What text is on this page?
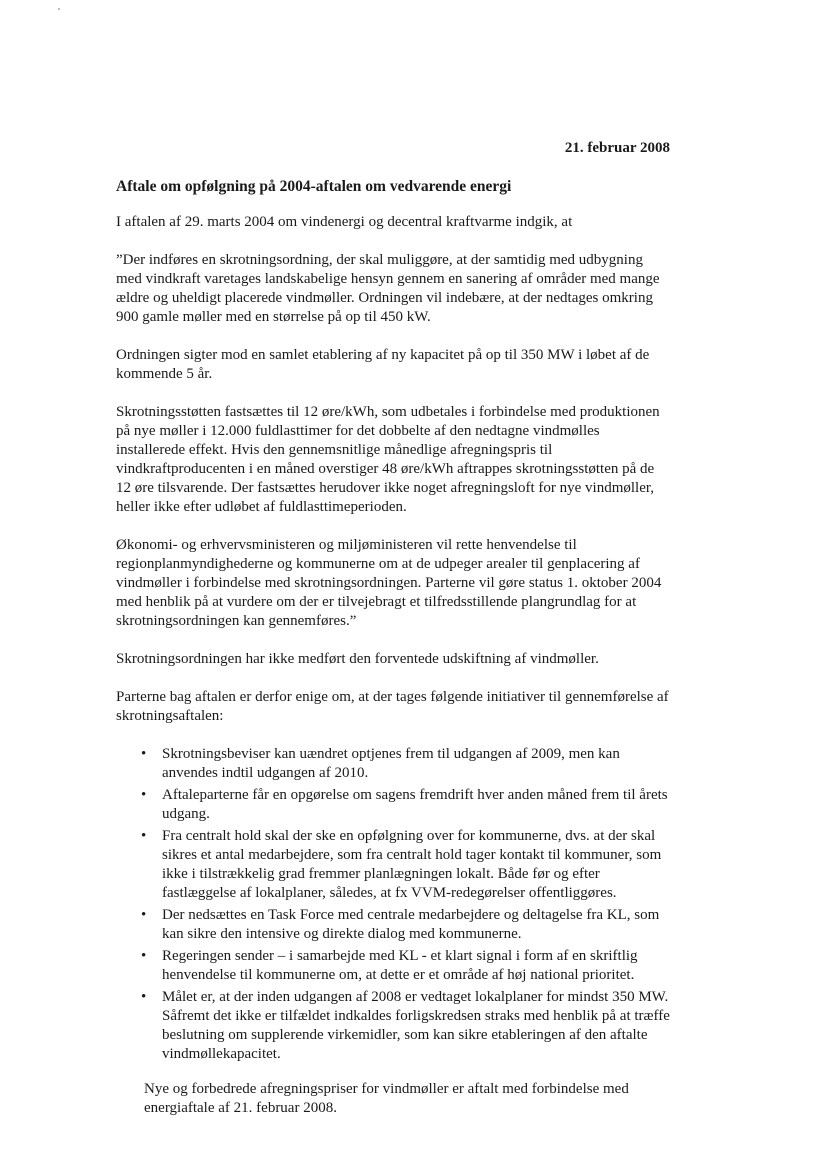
21. februar 2008
Aftale om opfølgning på 2004-aftalen om vedvarende energi

I aftalen af 29. marts 2004 om vindenergi og decentral kraftvarme indgik, at

”Der indføres en skrotningsordning, der skal muliggøre, at der samtidig med udbygning med vindkraft varetages landskabelige hensyn gennem en sanering af områder med mange ældre og uheldigt placerede vindmøller. Ordningen vil indebære, at der nedtages omkring 900 gamle møller med en størrelse på op til 450 kW.

Ordningen sigter mod en samlet etablering af ny kapacitet på op til 350 MW i løbet af de kommende 5 år.

Skrotningsstøtten fastsættes til 12 øre/kWh, som udbetales i forbindelse med produktionen på nye møller i 12.000 fuldlasttimer for det dobbelte af den nedtagne vindmølles installerede effekt. Hvis den gennemsnitlige månedlige afregningspris til vindkraftproducenten i en måned overstiger 48 øre/kWh aftrappes skrotningsstøtten på de 12 øre tilsvarende. Der fastsættes herudover ikke noget afregningsloft for nye vindmøller, heller ikke efter udløbet af fuldlasttimeperioden.

Økonomi- og erhvervsministeren og miljøministeren vil rette henvendelse til regionplanmyndighederne og kommunerne om at de udpeger arealer til genplacering af vindmøller i forbindelse med skrotningsordningen. Parterne vil gøre status 1. oktober 2004 med henblik på at vurdere om der er tilvejebragt et tilfredsstillende plangrundlag for at skrotningsordningen kan gennemføres.”

Skrotningsordningen har ikke medført den forventede udskiftning af vindmøller.

Parterne bag aftalen er derfor enige om, at der tages følgende initiativer til gennemførelse af skrotningsaftalen:

• Skrotningsbeviser kan uændret optjenes frem til udgangen af 2009, men kan anvendes indtil udgangen af 2010.
• Aftaleparterne får en opgørelse om sagens fremdrift hver anden måned frem til årets udgang.
• Fra centralt hold skal der ske en opfølgning over for kommunerne, dvs. at der skal sikres et antal medarbejdere, som fra centralt hold tager kontakt til kommuner, som ikke i tilstrækkelig grad fremmer planlægningen lokalt. Både før og efter fastlæggelse af lokalplaner, således, at fx VVM-redegørelser offentliggøres.
• Der nedsættes en Task Force med centrale medarbejdere og deltagelse fra KL, som kan sikre den intensive og direkte dialog med kommunerne.
• Regeringen sender – i samarbejde med KL - et klart signal i form af en skriftlig henvendelse til kommunerne om, at dette er et område af høj national prioritet.
• Målet er, at der inden udgangen af 2008 er vedtaget lokalplaner for mindst 350 MW. Såfremt det ikke er tilfældet indkaldes forligskredsen straks med henblik på at træffe beslutning om supplerende virkemidler, som kan sikre etableringen af den aftalte vindmøllekapacitet.

Nye og forbedrede afregningspriser for vindmøller er aftalt med forbindelse med energiaftale af 21. februar 2008.
